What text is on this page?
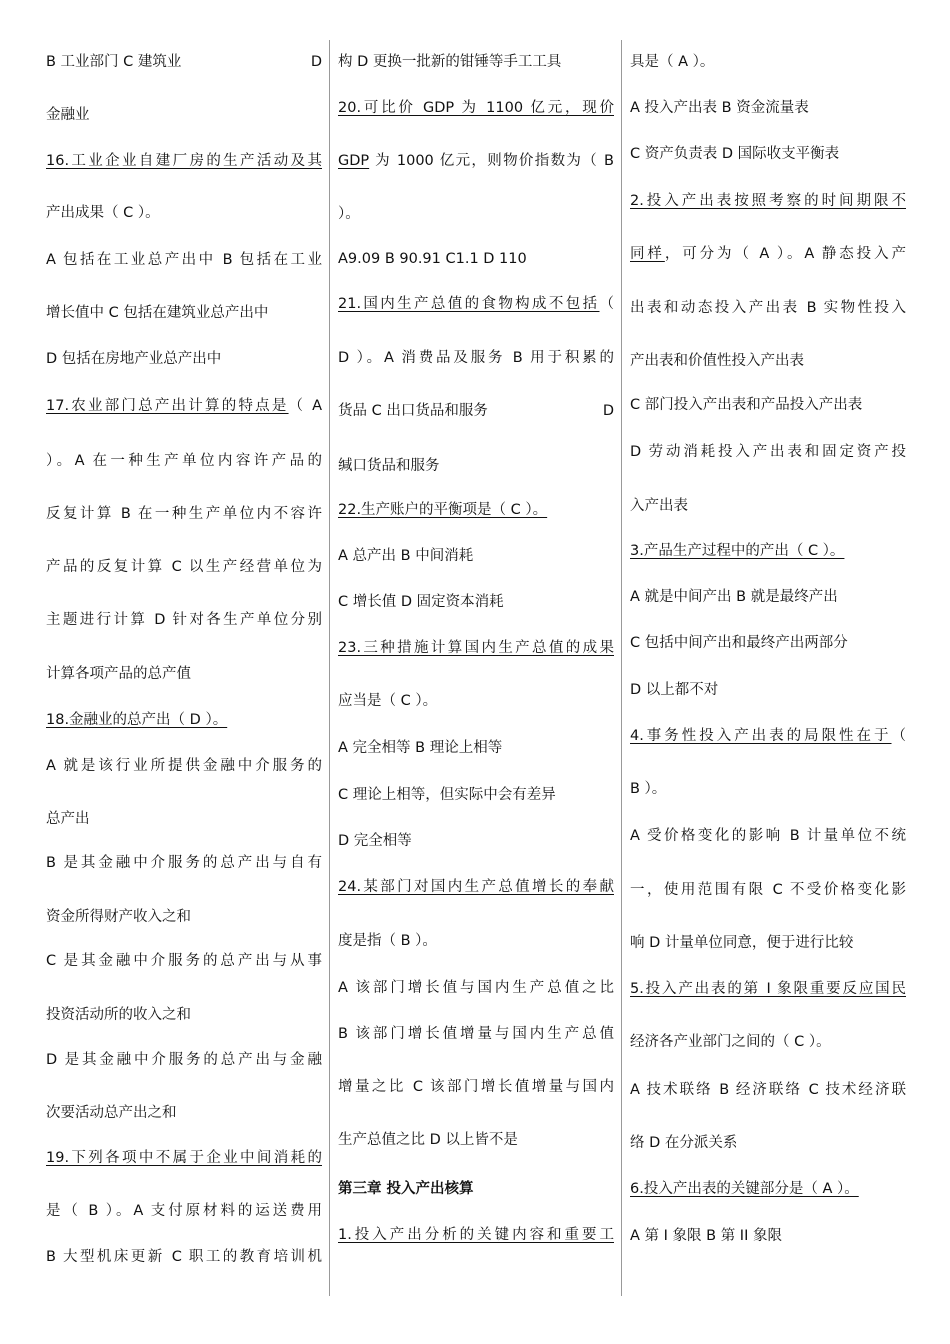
B 工业部门 C 建筑业	D
金融业
16.工业企业自建厂房的生产活动及其
产出成果（ C ）。
A 包括在工业总产出中 B 包括在工业
增长值中 C 包括在建筑业总产出中
D 包括在房地产业总产出中
17.农业部门总产出计算的特点是（ A
）。A 在一种生产单位内容许产品的
反复计算 B 在一种生产单位内不容许
产品的反复计算 C 以生产经营单位为
主题进行计算 D 针对各生产单位分别
计算各项产品的总产值
18.金融业的总产出（ D ）。
A 就是该行业所提供金融中介服务的
总产出
B 是其金融中介服务的总产出与自有
资金所得财产收入之和
C 是其金融中介服务的总产出与从事
投资活动所的收入之和
D 是其金融中介服务的总产出与金融
次要活动总产出之和
19.下列各项中不属于企业中间消耗的
是（ B ）。A 支付原材料的运送费用
B 大型机床更新 C 职工的教育培训机
构 D 更换一批新的钳锤等手工工具
20.可比价 GDP 为 1100 亿元，现价
GDP 为 1000 亿元，则物价指数为（ B
）。
A9.09 B 90.91 C1.1 D 110
21.国内生产总值的食物构成不包括（
D ）。A 消费品及服务 B 用于积累的
货品 C 出口货品和服务	D
缄口货品和服务
22.生产账户的平衡项是（ C ）。
A 总产出 B 中间消耗
C 增长值 D 固定资本消耗
23.三种措施计算国内生产总值的成果
应当是（ C ）。
A 完全相等 B 理论上相等
C 理论上相等，但实际中会有差异
D 完全相等
24.某部门对国内生产总值增长的奉献
度是指（ B ）。
A 该部门增长值与国内生产总值之比
B 该部门增长值增量与国内生产总值
增量之比 C 该部门增长值增量与国内
生产总值之比 D 以上皆不是
第三章 投入产出核算
1.投入产出分析的关键内容和重要工
具是（ A ）。
A 投入产出表 B 资金流量表
C 资产负责表 D 国际收支平衡表
2.投入产出表按照考察的时间期限不
同样，可分为（ A ）。A 静态投入产
出表和动态投入产出表 B 实物性投入
产出表和价值性投入产出表
C 部门投入产出表和产品投入产出表
D 劳动消耗投入产出表和固定资产投
入产出表
3.产品生产过程中的产出（ C ）。
A 就是中间产出 B 就是最终产出
C 包括中间产出和最终产出两部分
D 以上都不对
4.事务性投入产出表的局限性在于（
B ）。
A 受价格变化的影响 B 计量单位不统
一，使用范围有限 C 不受价格变化影
响 D 计量单位同意，便于进行比较
5.投入产出表的第 I 象限重要反应国民
经济各产业部门之间的（ C ）。
A 技术联络 B 经济联络 C 技术经济联
络 D 在分派关系
6.投入产出表的关键部分是（ A ）。
A 第 I 象限 B 第 II 象限
